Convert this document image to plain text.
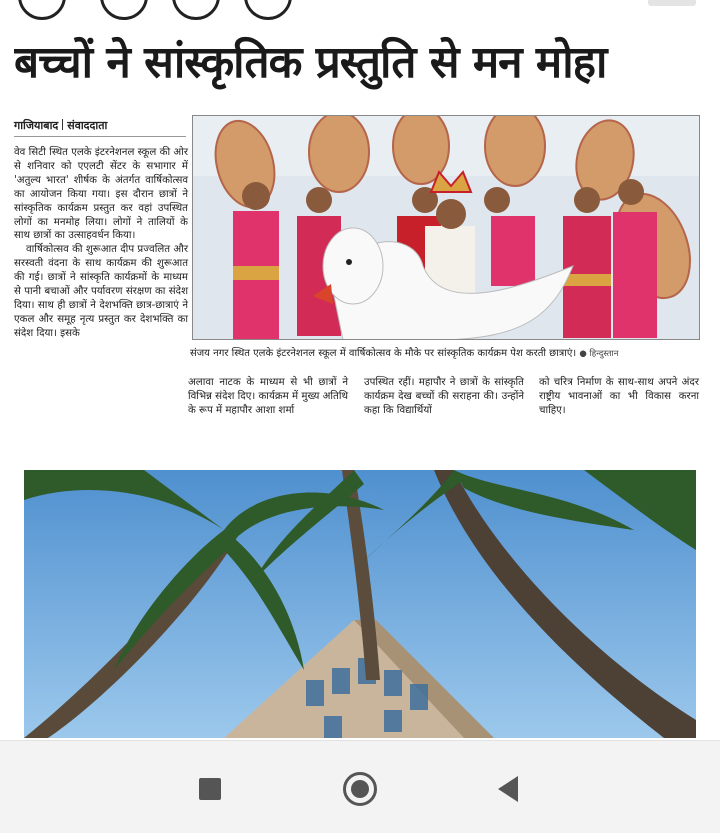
बच्चों ने सांस्कृतिक प्रस्तुति से मन मोहा
गाजियाबाद संवाददाता

वेव सिटी स्थित एलके इंटरनेशनल स्कूल की ओर से शनिवार को एएलटी सेंटर के सभागार में 'अतुल्य भारत' शीर्षक के अंतर्गत वार्षिकोत्सव का आयोजन किया गया। इस दौरान छात्रों ने सांस्कृतिक कार्यक्रम प्रस्तुत कर वहां उपस्थित लोगों का मनमोह लिया। लोगों ने तालियों के साथ छात्रों का उत्साहवर्धन किया।

वार्षिकोत्सव की शुरूआत दीप प्रज्वलित और सरस्वती वंदना के साथ कार्यक्रम की शुरूआत की गई। छात्रों ने सांस्कृति कार्यक्रमों के माध्यम से पानी बचाओं और पर्यावरण संरक्षण का संदेश दिया। साथ ही छात्रों ने देशभक्ति छात्र-छात्राएं ने एकल और समूह नृत्य प्रस्तुत कर देशभक्ति का संदेश दिया। इसके

संजय नगर स्थित एलके इंटरनेशनल स्कूल में वार्षिकोत्सव के मौके पर सांस्कृतिक कार्यक्रम पेश करती छात्राएं। ● हिन्दुस्तान
अलावा नाटक के माध्यम से भी छात्रों ने विभिन्न संदेश दिए। कार्यक्रम में मुख्य अतिथि के रूप में महापौर आशा शर्मा
उपस्थित रहीं। महापौर ने छात्रों के सांस्कृति कार्यक्रम देख बच्चों की सराहना की। उन्होंने कहा कि विद्यार्थियों
को चरित्र निर्माण के साथ-साथ अपने अंदर राष्ट्रीय भावनाओं का भी विकास करना चाहिए।
